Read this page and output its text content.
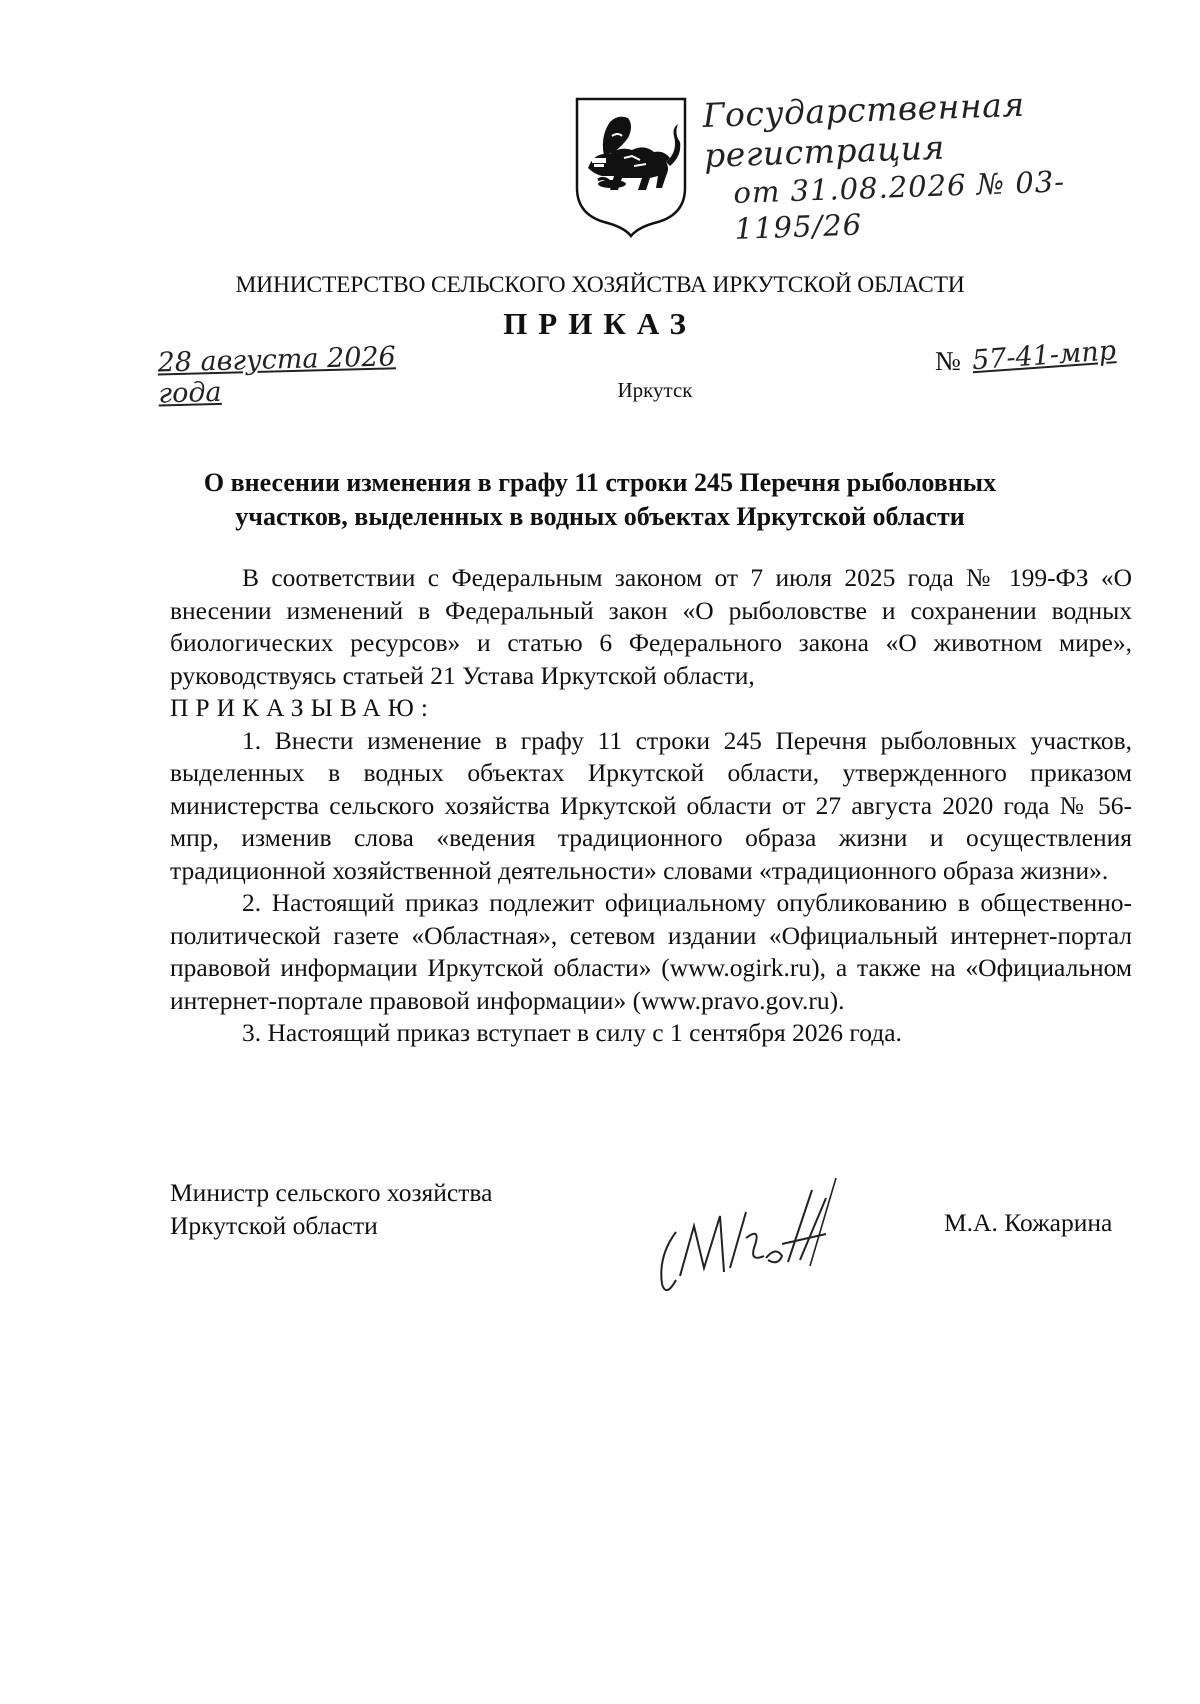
Государственная регистрация
от 31.08.2026 № 03-1195/26
МИНИСТЕРСТВО СЕЛЬСКОГО ХОЗЯЙСТВА ИРКУТСКОЙ ОБЛАСТИ
ПРИКАЗ
28 августа 2026 года
№ 57-41-мпр
Иркутск
О внесении изменения в графу 11 строки 245 Перечня рыболовных
участков, выделенных в водных объектах Иркутской области

В соответствии с Федеральным законом от 7 июля 2025 года № 199-ФЗ «О внесении изменений в Федеральный закон «О рыболовстве и сохранении водных биологических ресурсов» и статью 6 Федерального закона «О животном мире», руководствуясь статьей 21 Устава Иркутской области,

ПРИКАЗЫВАЮ:

1. Внести изменение в графу 11 строки 245 Перечня рыболовных участков, выделенных в водных объектах Иркутской области, утвержденного приказом министерства сельского хозяйства Иркутской области от 27 августа 2020 года № 56-мпр, изменив слова «ведения традиционного образа жизни и осуществления традиционной хозяйственной деятельности» словами «традиционного образа жизни».

2. Настоящий приказ подлежит официальному опубликованию в общественно-политической газете «Областная», сетевом издании «Официальный интернет-портал правовой информации Иркутской области» (www.ogirk.ru), а также на «Официальном интернет-портале правовой информации» (www.pravo.gov.ru).

3. Настоящий приказ вступает в силу с 1 сентября 2026 года.

Министр сельского хозяйства
Иркутской области	М.А. Кожарина
